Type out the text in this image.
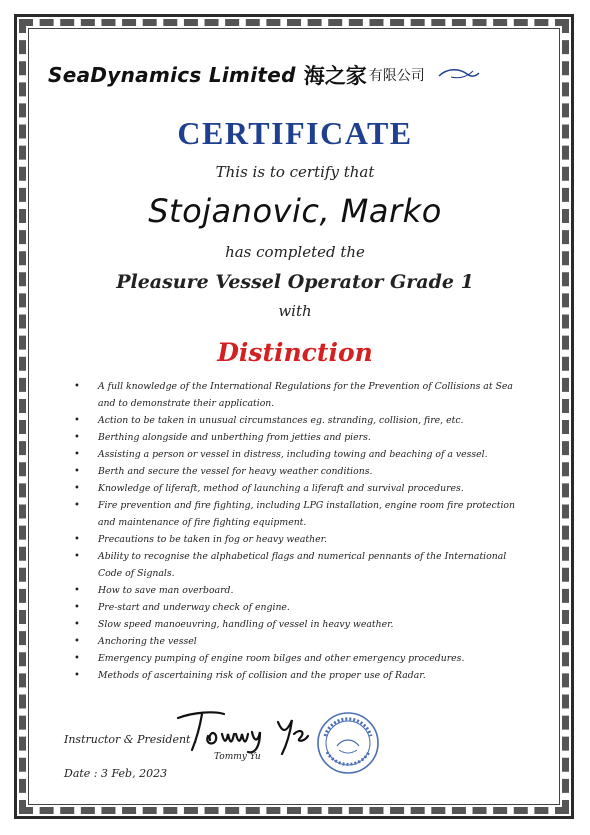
SeaDynamics Limited 海之家 有限公司
CERTIFICATE
This is to certify that
Stojanovic, Marko
has completed the
Pleasure Vessel Operator Grade 1
with
Distinction
• A full knowledge of the International Regulations for the Prevention of Collisions at Sea and to demonstrate their application.
• Action to be taken in unusual circumstances eg. stranding, collision, fire, etc.
• Berthing alongside and unberthing from jetties and piers.
• Assisting a person or vessel in distress, including towing and beaching of a vessel.
• Berth and secure the vessel for heavy weather conditions.
• Knowledge of liferaft, method of launching a liferaft and survival procedures.
• Fire prevention and fire fighting, including LPG installation, engine room fire protection and maintenance of fire fighting equipment.
• Precautions to be taken in fog or heavy weather.
• Ability to recognise the alphabetical flags and numerical pennants of the International Code of Signals.
• How to save man overboard.
• Pre-start and underway check of engine.
• Slow speed manoeuvring, handling of vessel in heavy weather.
• Anchoring the vessel
• Emergency pumping of engine room bilges and other emergency procedures.
• Methods of ascertaining risk of collision and the proper use of Radar.
Instructor & President :
Tommy Yu
Date : 3 Feb, 2023
